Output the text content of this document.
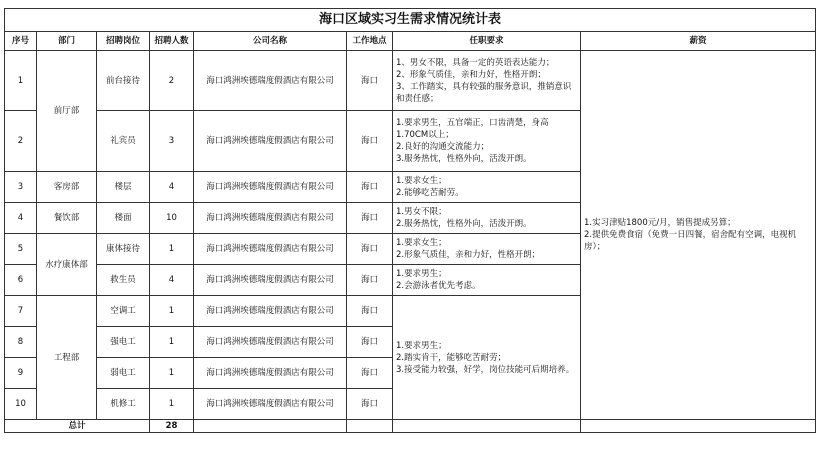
海口区域实习生需求情况统计表							
序号	部门	招聘岗位	招聘人数	公司名称	工作地点	任职要求	薪资
1	前厅部	前台接待	2	海口鸿洲埃德瑞度假酒店有限公司	海口	1、男女不限，具备一定的英语表达能力；
2、形象气质佳，亲和力好，性格开朗；
3、工作踏实，具有较强的服务意识，推销意识和责任感；	1.实习津贴1800元/月，销售提成另算；
2.提供免费食宿（免费一日四餐，宿舍配有空调，电视机房）；

2		礼宾员	3	海口鸿洲埃德瑞度假酒店有限公司	海口	1.要求男生，五官端正，口齿清楚，身高1.70CM以上；
2.良好的沟通交流能力；
3.服务热忱，性格外向，活泼开朗。	

3	客房部	楼层	4	海口鸿洲埃德瑞度假酒店有限公司	海口	1.要求女生；
2.能够吃苦耐劳。	

4	餐饮部	楼面	10	海口鸿洲埃德瑞度假酒店有限公司	海口	1.男女不限；
2.服务热忱，性格外向，活泼开朗。	

5	水疗康体部	康体接待	1	海口鸿洲埃德瑞度假酒店有限公司	海口	1.要求女生；
2.形象气质佳，亲和力好，性格开朗；	

6		救生员	4	海口鸿洲埃德瑞度假酒店有限公司	海口	1.要求男生；
2.会游泳者优先考虑。	

7	工程部	空调工	1	海口鸿洲埃德瑞度假酒店有限公司	海口	1.要求男生；
2.踏实肯干，能够吃苦耐劳；
3.接受能力较强，好学，岗位技能可后期培养。	

8		强电工	1	海口鸿洲埃德瑞度假酒店有限公司	海口		
9		弱电工	1	海口鸿洲埃德瑞度假酒店有限公司	海口		
10		机修工	1	海口鸿洲埃德瑞度假酒店有限公司	海口		
总计			28				
